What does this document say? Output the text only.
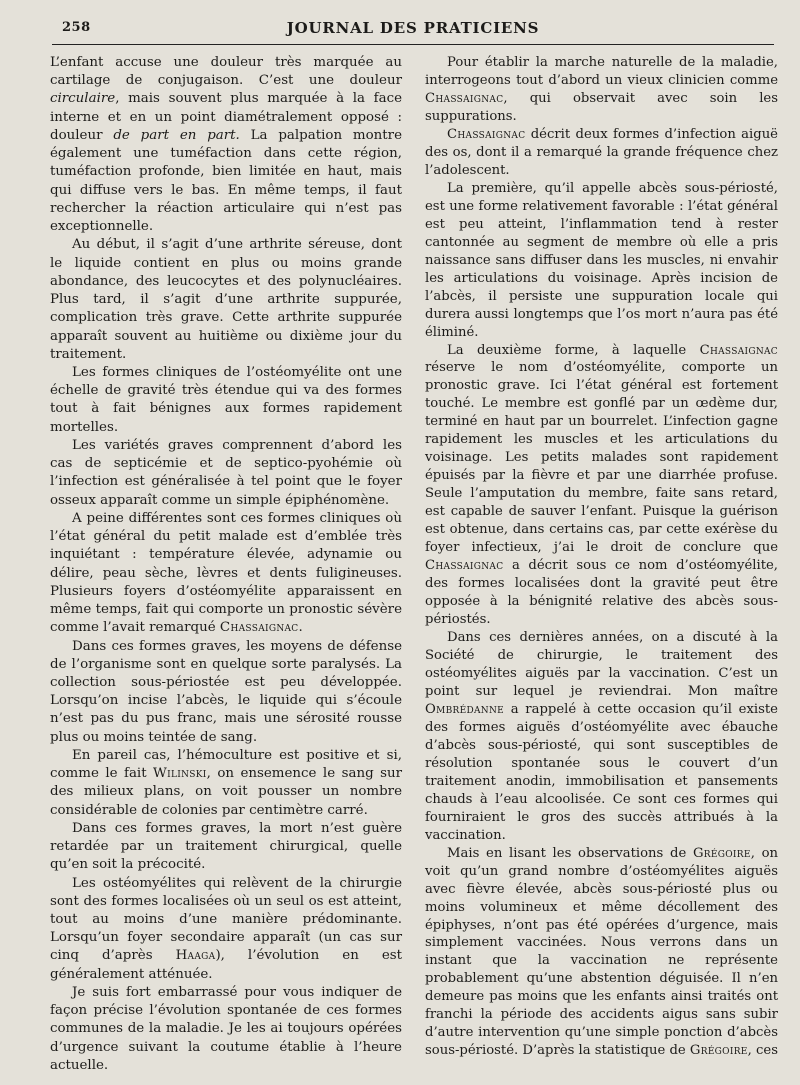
258	JOURNAL DES PRATICIENS

L’enfant accuse une douleur très marquée au cartilage de conjugaison. C’est une douleur circulaire, mais souvent plus marquée à la face interne et en un point diamétralement opposé : douleur de part en part. La palpation montre également une tuméfaction dans cette région, tuméfaction profonde, bien limitée en haut, mais qui diffuse vers le bas. En même temps, il faut rechercher la réaction articulaire qui n’est pas exceptionnelle.

Au début, il s’agit d’une arthrite séreuse, dont le liquide contient en plus ou moins grande abondance, des leucocytes et des polynucléaires. Plus tard, il s’agit d’une arthrite suppurée, complication très grave. Cette arthrite suppurée apparaît souvent au huitième ou dixième jour du traitement.

Les formes cliniques de l’ostéomyélite ont une échelle de gravité très étendue qui va des formes tout à fait bénignes aux formes rapidement mortelles.

Les variétés graves comprennent d’abord les cas de septicémie et de septico-pyohémie où l’infection est généralisée à tel point que le foyer osseux apparaît comme un simple épiphénomène.

A peine différentes sont ces formes cliniques où l’état général du petit malade est d’emblée très inquiétant : température élevée, adynamie ou délire, peau sèche, lèvres et dents fuligineuses. Plusieurs foyers d’ostéomyélite apparaissent en même temps, fait qui comporte un pronostic sévère comme l’avait remarqué Chassaignac.

Dans ces formes graves, les moyens de défense de l’organisme sont en quelque sorte paralysés. La collection sous-périostée est peu développée. Lorsqu’on incise l’abcès, le liquide qui s’écoule n’est pas du pus franc, mais une sérosité rousse plus ou moins teintée de sang.

En pareil cas, l’hémoculture est positive et si, comme le fait Wilinski, on ensemence le sang sur des milieux plans, on voit pousser un nombre considérable de colonies par centimètre carré.

Dans ces formes graves, la mort n’est guère retardée par un traitement chirurgical, quelle qu’en soit la précocité.

Les ostéomyélites qui relèvent de la chirurgie sont des formes localisées où un seul os est atteint, tout au moins d’une manière prédominante. Lorsqu’un foyer secondaire apparaît (un cas sur cinq d’après Haaga), l’évolution en est généralement atténuée.

Je suis fort embarrassé pour vous indiquer de façon précise l’évolution spontanée de ces formes communes de la maladie. Je les ai toujours opérées d’urgence suivant la coutume établie à l’heure actuelle.

Pour établir la marche naturelle de la maladie, interrogeons tout d’abord un vieux clinicien comme Chassaignac, qui observait avec soin les suppurations.

Chassaignac décrit deux formes d’infection aiguë des os, dont il a remarqué la grande fréquence chez l’adolescent.

La première, qu’il appelle abcès sous-périosté, est une forme relativement favorable : l’état général est peu atteint, l’inflammation tend à rester cantonnée au segment de membre où elle a pris naissance sans diffuser dans les muscles, ni envahir les articulations du voisinage. Après incision de l’abcès, il persiste une suppuration locale qui durera aussi longtemps que l’os mort n’aura pas été éliminé.

La deuxième forme, à laquelle Chassaignac réserve le nom d’ostéomyélite, comporte un pronostic grave. Ici l’état général est fortement touché. Le membre est gonflé par un œdème dur, terminé en haut par un bourrelet. L’infection gagne rapidement les muscles et les articulations du voisinage. Les petits malades sont rapidement épuisés par la fièvre et par une diarrhée profuse. Seule l’amputation du membre, faite sans retard, est capable de sauver l’enfant. Puisque la guérison est obtenue, dans certains cas, par cette exérèse du foyer infectieux, j’ai le droit de conclure que Chassaignac a décrit sous ce nom d’ostéomyélite, des formes localisées dont la gravité peut être opposée à la bénignité relative des abcès sous-périostés.

Dans ces dernières années, on a discuté à la Société de chirurgie, le traitement des ostéomyélites aiguës par la vaccination. C’est un point sur lequel je reviendrai. Mon maître Ombrédanne a rappelé à cette occasion qu’il existe des formes aiguës d’ostéomyélite avec ébauche d’abcès sous-périosté, qui sont susceptibles de résolution spontanée sous le couvert d’un traitement anodin, immobilisation et pansements chauds à l’eau alcoolisée. Ce sont ces formes qui fourniraient le gros des succès attribués à la vaccination.

Mais en lisant les observations de Grégoire, on voit qu’un grand nombre d’ostéomyélites aiguës avec fièvre élevée, abcès sous-périosté plus ou moins volumineux et même décollement des épiphyses, n’ont pas été opérées d’urgence, mais simplement vaccinées. Nous verrons dans un instant que la vaccination ne représente probablement qu’une abstention déguisée. Il n’en demeure pas moins que les enfants ainsi traités ont franchi la période des accidents aigus sans subir d’autre intervention qu’une simple ponction d’abcès sous-périosté. D’après la statistique de Grégoire, ces
